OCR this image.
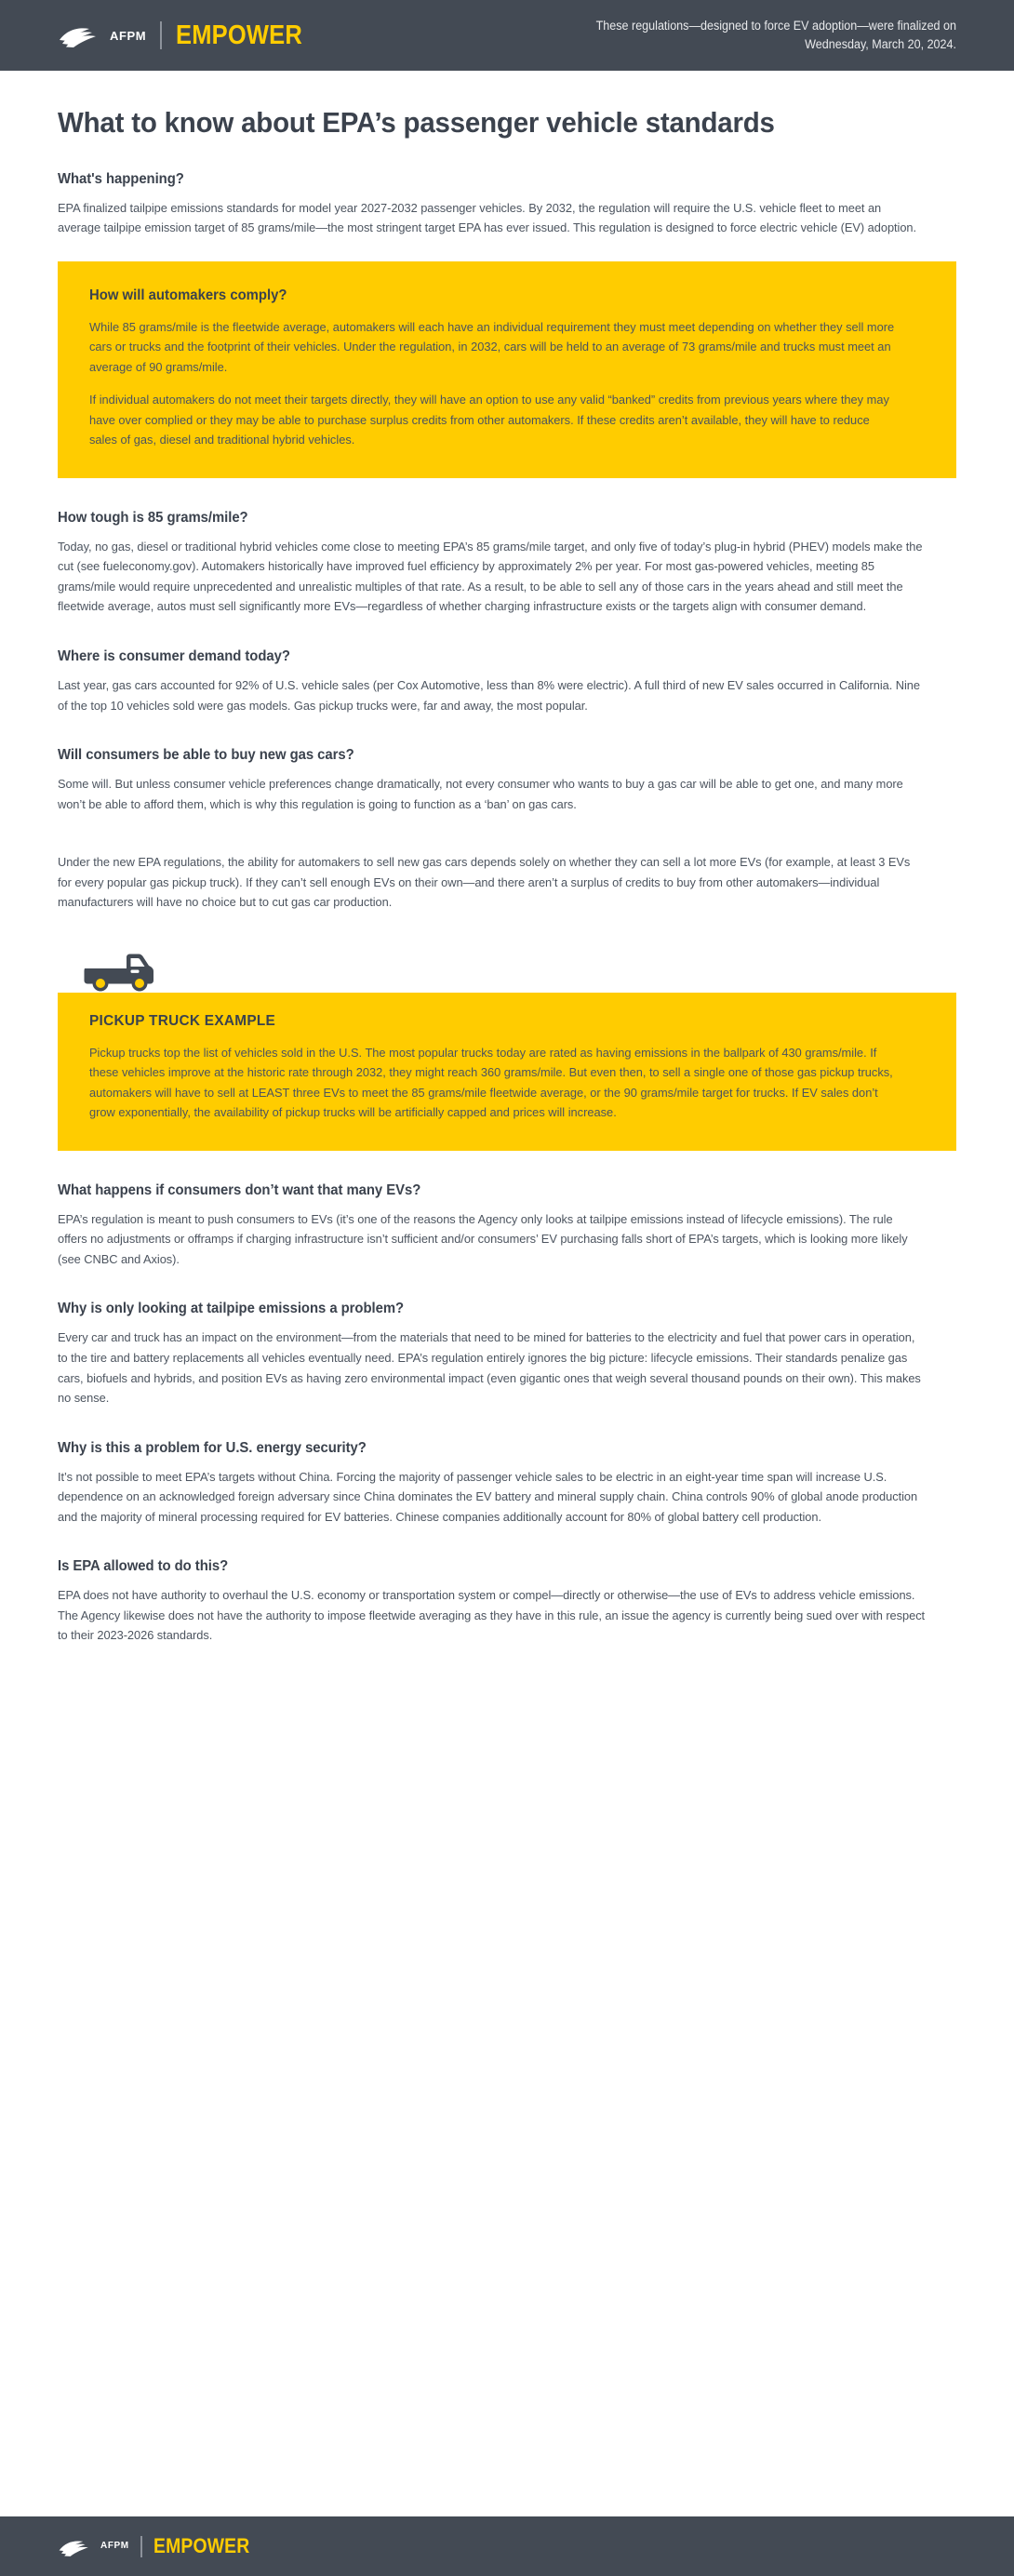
AFPM EMPOWER	These regulations—designed to force EV adoption—were finalized on Wednesday, March 20, 2024.
What to know about EPA’s passenger vehicle standards
What's happening?

EPA finalized tailpipe emissions standards for model year 2027-2032 passenger vehicles. By 2032, the regulation will require the U.S. vehicle fleet to meet an average tailpipe emission target of 85 grams/mile—the most stringent target EPA has ever issued. This regulation is designed to force electric vehicle (EV) adoption.

How will automakers comply?

While 85 grams/mile is the fleetwide average, automakers will each have an individual requirement they must meet depending on whether they sell more cars or trucks and the footprint of their vehicles. Under the regulation, in 2032, cars will be held to an average of 73 grams/mile and trucks must meet an average of 90 grams/mile.

If individual automakers do not meet their targets directly, they will have an option to use any valid “banked” credits from previous years where they may have over complied or they may be able to purchase surplus credits from other automakers. If these credits aren’t available, they will have to reduce sales of gas, diesel and traditional hybrid vehicles.

How tough is 85 grams/mile?

Today, no gas, diesel or traditional hybrid vehicles come close to meeting EPA’s 85 grams/mile target, and only five of today’s plug-in hybrid (PHEV) models make the cut (see fueleconomy.gov). Automakers historically have improved fuel efficiency by approximately 2% per year. For most gas-powered vehicles, meeting 85 grams/mile would require unprecedented and unrealistic multiples of that rate. As a result, to be able to sell any of those cars in the years ahead and still meet the fleetwide average, autos must sell significantly more EVs—regardless of whether charging infrastructure exists or the targets align with consumer demand.

Where is consumer demand today?

Last year, gas cars accounted for 92% of U.S. vehicle sales (per Cox Automotive, less than 8% were electric). A full third of new EV sales occurred in California. Nine of the top 10 vehicles sold were gas models. Gas pickup trucks were, far and away, the most popular.

Will consumers be able to buy new gas cars?

Some will. But unless consumer vehicle preferences change dramatically, not every consumer who wants to buy a gas car will be able to get one, and many more won’t be able to afford them, which is why this regulation is going to function as a ‘ban’ on gas cars.

Under the new EPA regulations, the ability for automakers to sell new gas cars depends solely on whether they can sell a lot more EVs (for example, at least 3 EVs for every popular gas pickup truck). If they can’t sell enough EVs on their own—and there aren’t a surplus of credits to buy from other automakers—individual manufacturers will have no choice but to cut gas car production.

PICKUP TRUCK EXAMPLE

Pickup trucks top the list of vehicles sold in the U.S. The most popular trucks today are rated as having emissions in the ballpark of 430 grams/mile. If these vehicles improve at the historic rate through 2032, they might reach 360 grams/mile. But even then, to sell a single one of those gas pickup trucks, automakers will have to sell at LEAST three EVs to meet the 85 grams/mile fleetwide average, or the 90 grams/mile target for trucks. If EV sales don’t grow exponentially, the availability of pickup trucks will be artificially capped and prices will increase.

What happens if consumers don’t want that many EVs?

EPA’s regulation is meant to push consumers to EVs (it’s one of the reasons the Agency only looks at tailpipe emissions instead of lifecycle emissions). The rule offers no adjustments or offramps if charging infrastructure isn’t sufficient and/or consumers’ EV purchasing falls short of EPA’s targets, which is looking more likely (see CNBC and Axios).

Why is only looking at tailpipe emissions a problem?

Every car and truck has an impact on the environment—from the materials that need to be mined for batteries to the electricity and fuel that power cars in operation, to the tire and battery replacements all vehicles eventually need. EPA’s regulation entirely ignores the big picture: lifecycle emissions. Their standards penalize gas cars, biofuels and hybrids, and position EVs as having zero environmental impact (even gigantic ones that weigh several thousand pounds on their own). This makes no sense.

Why is this a problem for U.S. energy security?

It’s not possible to meet EPA’s targets without China. Forcing the majority of passenger vehicle sales to be electric in an eight-year time span will increase U.S. dependence on an acknowledged foreign adversary since China dominates the EV battery and mineral supply chain. China controls 90% of global anode production and the majority of mineral processing required for EV batteries. Chinese companies additionally account for 80% of global battery cell production.

Is EPA allowed to do this?

EPA does not have authority to overhaul the U.S. economy or transportation system or compel—directly or otherwise—the use of EVs to address vehicle emissions. The Agency likewise does not have the authority to impose fleetwide averaging as they have in this rule, an issue the agency is currently being sued over with respect to their 2023-2026 standards.

AFPM EMPOWER
